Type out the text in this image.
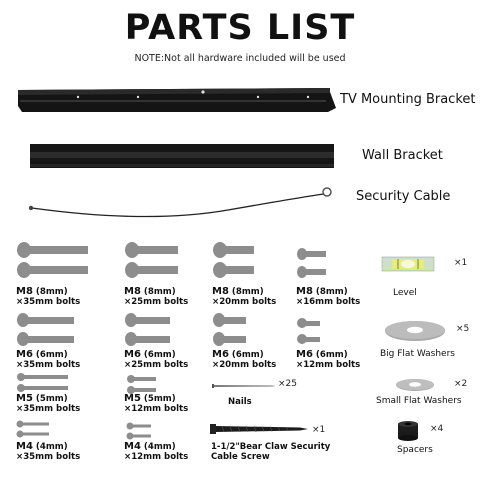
PARTS LIST
NOTE:Not all hardware included will be used
TV Mounting Bracket
Wall Bracket
Security Cable
M8 (8mm)
×35mm bolts
M8 (8mm)
×25mm bolts
M8 (8mm)
×20mm bolts
M8 (8mm)
×16mm bolts
M6 (6mm)
×35mm bolts
M6 (6mm)
×25mm bolts
M6 (6mm)
×20mm bolts
M6 (6mm)
×12mm bolts
M5 (5mm)
×35mm bolts
M5 (5mm)
×12mm bolts
M4 (4mm)
×35mm bolts
M4 (4mm)
×12mm bolts
×25
Nails
×1
1-1/2"Bear Claw Security
Cable Screw
×1
Level
×5
Big Flat Washers
×2
Small Flat Washers
×4
Spacers
